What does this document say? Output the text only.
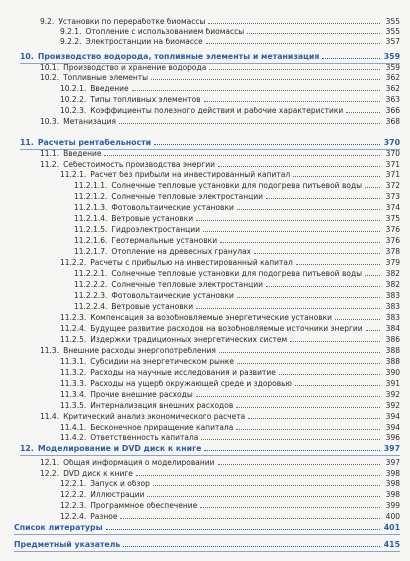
9.2. Установки по переработке биомассы	355
9.2.1. Отопление с использованием биомассы	355
9.2.2. Электростанции на биомассе	357
10. Производство водорода, топливные элементы и метанизация	359
10.1. Производство и хранение водорода	359
10.2. Топливные элементы	362
10.2.1. Введение	362
10.2.2. Типы топливных элементов	363
10.2.3. Коэффициенты полезного действия и рабочие характеристики	366
10.3. Метанизация	368
11. Расчеты рентабельности	370
11.1. Введение	370
11.2. Себестоимость производства энергии	371
11.2.1. Расчет без прибыли на инвестированный капитал	371
11.2.1.1. Солнечные тепловые установки для подогрева питьевой воды	372
11.2.1.2. Солнечные тепловые электростанции	373
11.2.1.3. Фотовольтаические установки	374
11.2.1.4. Ветровые установки	375
11.2.1.5. Гидроэлектростанции	376
11.2.1.6. Геотермальные установки	376
11.2.1.7. Отопление на древесных гранулах	378
11.2.2. Расчеты с прибылью на инвестированный капитал	379
11.2.2.1. Солнечные тепловые установки для подогрева питьевой воды	382
11.2.2.2. Солнечные тепловые электростанции	382
11.2.2.3. Фотовольтаические установки	383
11.2.2.4. Ветровые установки	383
11.2.3. Компенсация за возобновляемые энергетические установки	383
11.2.4. Будущее развитие расходов на возобновляемые источники энергии	384
11.2.5. Издержки традиционных энергетических систем	386
11.3. Внешние расходы энергопотребления	388
11.3.1. Субсидии на энергетическом рынке	388
11.3.2. Расходы на научные исследования и развитие	390
11.3.3. Расходы на ущерб окружающей среде и здоровью	391
11.3.4. Прочие внешние расходы	392
11.3.5. Интернализация внешних расходов	392
11.4. Критический анализ экономического расчета	394
11.4.1. Бесконечное приращение капитала	394
11.4.2. Ответственность капитала	396
12. Моделирование и DVD диск к книге	397
12.1. Общая информация о моделировании	397
12.2. DVD диск к книге	398
12.2.1. Запуск и обзор	398
12.2.2. Иллюстрации	398
12.2.3. Программное обеспечение	399
12.2.4. Разное	400
Список литературы	401
Предметный указатель	415
